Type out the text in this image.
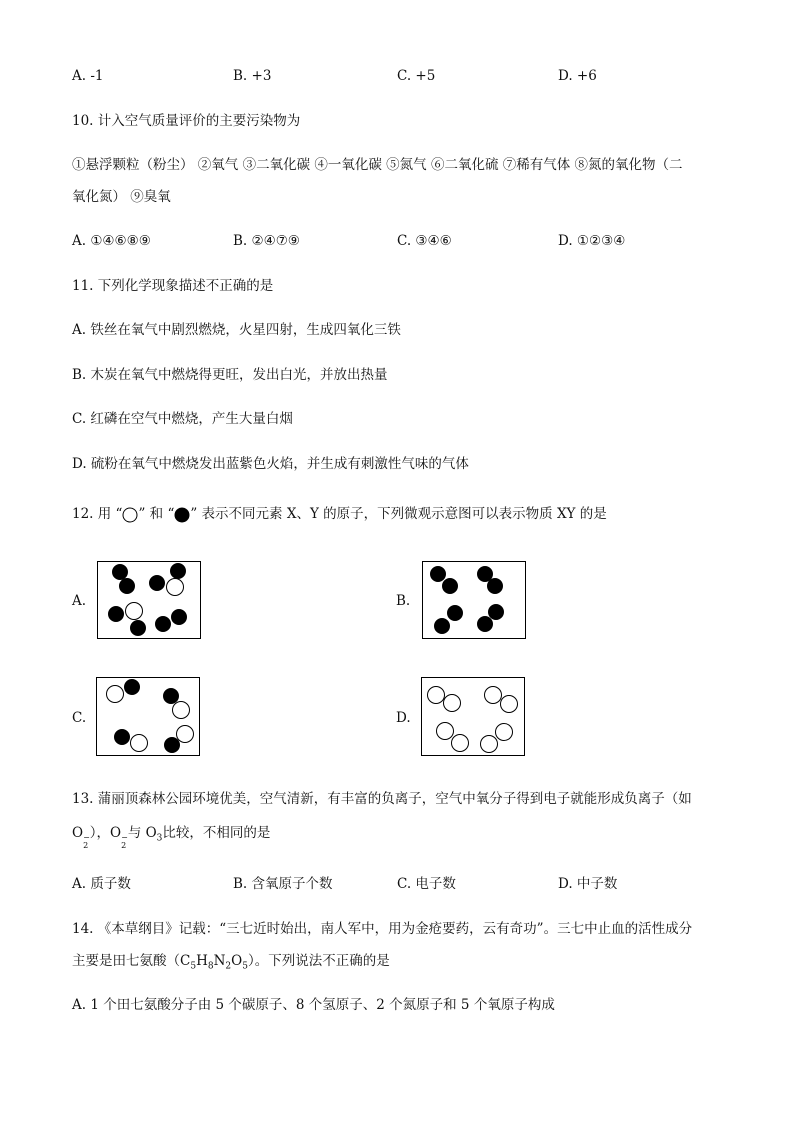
A. -1	B. +3	C. +5	D. +6
10. 计入空气质量评价的主要污染物为
①悬浮颗粒（粉尘） ②氧气 ③二氧化碳 ④一氧化碳 ⑤氮气 ⑥二氧化硫 ⑦稀有气体 ⑧氮的氧化物（二
氧化氮） ⑨臭氧
A. ①④⑥⑧⑨	B. ②④⑦⑨	C. ③④⑥	D. ①②③④
11. 下列化学现象描述不正确的是
A. 铁丝在氧气中剧烈燃烧，火星四射，生成四氧化三铁
B. 木炭在氧气中燃烧得更旺，发出白光，并放出热量
C. 红磷在空气中燃烧，产生大量白烟
D. 硫粉在氧气中燃烧发出蓝紫色火焰，并生成有刺激性气味的气体
12. 用 “ ” 和 “ ” 表示不同元素 X、Y 的原子，下列微观示意图可以表示物质 XY 的是
A.	B.
C.	D.
13. 蒲丽顶森林公园环境优美，空气清新，有丰富的负离子，空气中氧分子得到电子就能形成负离子（如
O −
2
），O −
2
与 $O_3$比较，不相同的是
A. 质子数	B. 含氧原子个数	C. 电子数	D. 中子数
14. 《本草纲目》记载：“三七近时始出，南人军中，用为金疮要药，云有奇功”。三七中止血的活性成分
主要是田七氨酸$(C_5H_8N_2O_5)$。下列说法不正确的是
A. 1 个田七氨酸分子由 5 个碳原子、8 个氢原子、2 个氮原子和 5 个氧原子构成
